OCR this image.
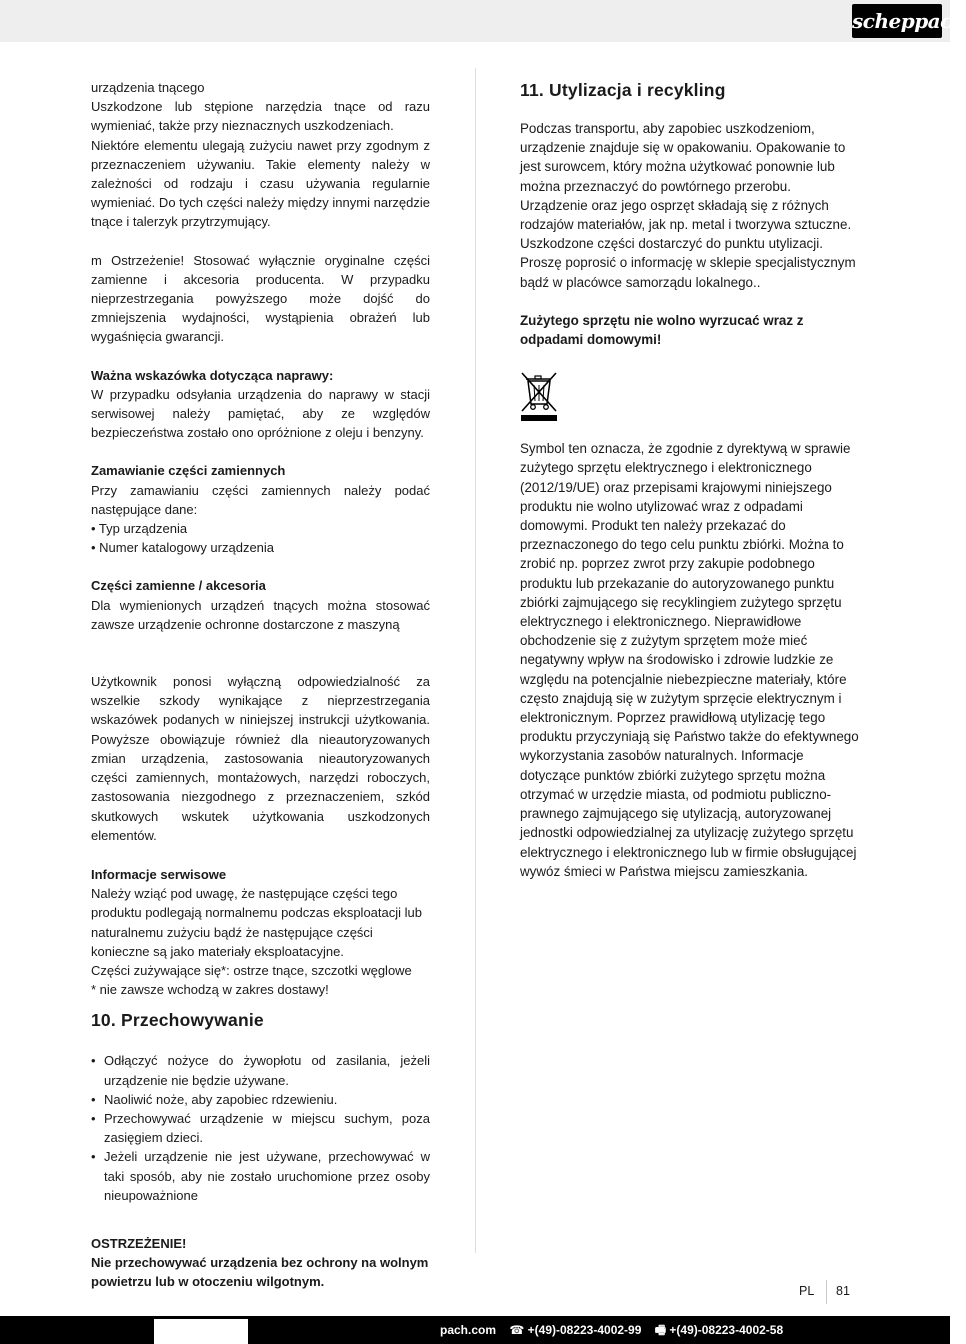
scheppach

urządzenia tnącego
Uszkodzone lub stępione narzędzia tnące od razu wymieniać, także przy nieznacznych uszkodzeniach.

Niektóre elementu ulegają zużyciu nawet przy zgodnym z przeznaczeniem używaniu. Takie elementy należy w zależności od rodzaju i czasu używania regularnie wymieniać. Do tych części należy między innymi narzędzie tnące i talerzyk przytrzymujący.

m Ostrzeżenie! Stosować wyłącznie oryginalne części zamienne i akcesoria producenta. W przypadku nieprzestrzegania powyższego może dojść do zmniejszenia wydajności, wystąpienia obrażeń lub wygaśnięcia gwarancji.

Ważna wskazówka dotycząca naprawy:

W przypadku odsyłania urządzenia do naprawy w stacji serwisowej należy pamiętać, aby ze względów bezpieczeństwa zostało ono opróżnione z oleju i benzyny.

Zamawianie części zamiennych

Przy zamawianiu części zamiennych należy podać następujące dane:

• Typ urządzenia

• Numer katalogowy urządzenia

Części zamienne / akcesoria

Dla wymienionych urządzeń tnących można stosować zawsze urządzenie ochronne dostarczone z maszyną

Użytkownik ponosi wyłączną odpowiedzialność za wszelkie szkody wynikające z nieprzestrzegania wskazówek podanych w niniejszej instrukcji użytkowania. Powyższe obowiązuje również dla nieautoryzowanych zmian urządzenia, zastosowania nieautoryzowanych części zamiennych, montażowych, narzędzi roboczych, zastosowania niezgodnego z przeznaczeniem, szkód skutkowych wskutek użytkowania uszkodzonych elementów.

Informacje serwisowe

Należy wziąć pod uwagę, że następujące części tego produktu podlegają normalnemu podczas eksploatacji lub naturalnemu zużyciu bądź że następujące części konieczne są jako materiały eksploatacyjne.

Części zużywające się*: ostrze tnące, szczotki węglowe

* nie zawsze wchodzą w zakres dostawy!

10. Przechowywanie
• Odłączyć nożyce do żywopłotu od zasilania, jeżeli urządzenie nie będzie używane.
• Naoliwić noże, aby zapobiec rdzewieniu.
• Przechowywać urządzenie w miejscu suchym, poza zasięgiem dzieci.
• Jeżeli urządzenie nie jest używane, przechowywać w taki sposób, aby nie zostało uruchomione przez osoby nieupoważnione

OSTRZEŻENIE!

Nie przechowywać urządzenia bez ochrony na wolnym powietrzu lub w otoczeniu wilgotnym.

11. Utylizacja i recykling

Podczas transportu, aby zapobiec uszkodzeniom, urządzenie znajduje się w opakowaniu. Opakowanie to jest surowcem, który można użytkować ponownie lub można przeznaczyć do powtórnego przerobu. Urządzenie oraz jego osprzęt składają się z różnych rodzajów materiałów, jak np. metal i tworzywa sztuczne. Uszkodzone części dostarczyć do punktu utylizacji. Proszę poprosić o informację w sklepie specjalistycznym bądź w placówce samorządu lokalnego..

Zużytego sprzętu nie wolno wyrzucać wraz z odpadami domowymi!

Symbol ten oznacza, że zgodnie z dyrektywą w sprawie zużytego sprzętu elektrycznego i elektronicznego (2012/19/UE) oraz przepisami krajowymi niniejszego produktu nie wolno utylizować wraz z odpadami domowymi. Produkt ten należy przekazać do przeznaczonego do tego celu punktu zbiórki. Można to zrobić np. poprzez zwrot przy zakupie podobnego produktu lub przekazanie do autoryzowanego punktu zbiórki zajmującego się recyklingiem zużytego sprzętu elektrycznego i elektronicznego. Nieprawidłowe obchodzenie się z zużytym sprzętem może mieć negatywny wpływ na środowisko i zdrowie ludzkie ze względu na potencjalnie niebezpieczne materiały, które często znajdują się w zużytym sprzęcie elektrycznym i elektronicznym. Poprzez prawidłową utylizację tego produktu przyczyniają się Państwo także do efektywnego wykorzystania zasobów naturalnych. Informacje dotyczące punktów zbiórki zużytego sprzętu można otrzymać w urzędzie miasta, od podmiotu publiczno-prawnego zajmującego się utylizacją, autoryzowanej jednostki odpowiedzialnej za utylizację zużytego sprzętu elektrycznego i elektronicznego lub w firmie obsługującej wywóz śmieci w Państwa miejscu zamieszkania.

PL 81
pach.com ☎ +(49)-08223-4002-99 🖷 +(49)-08223-4002-58
